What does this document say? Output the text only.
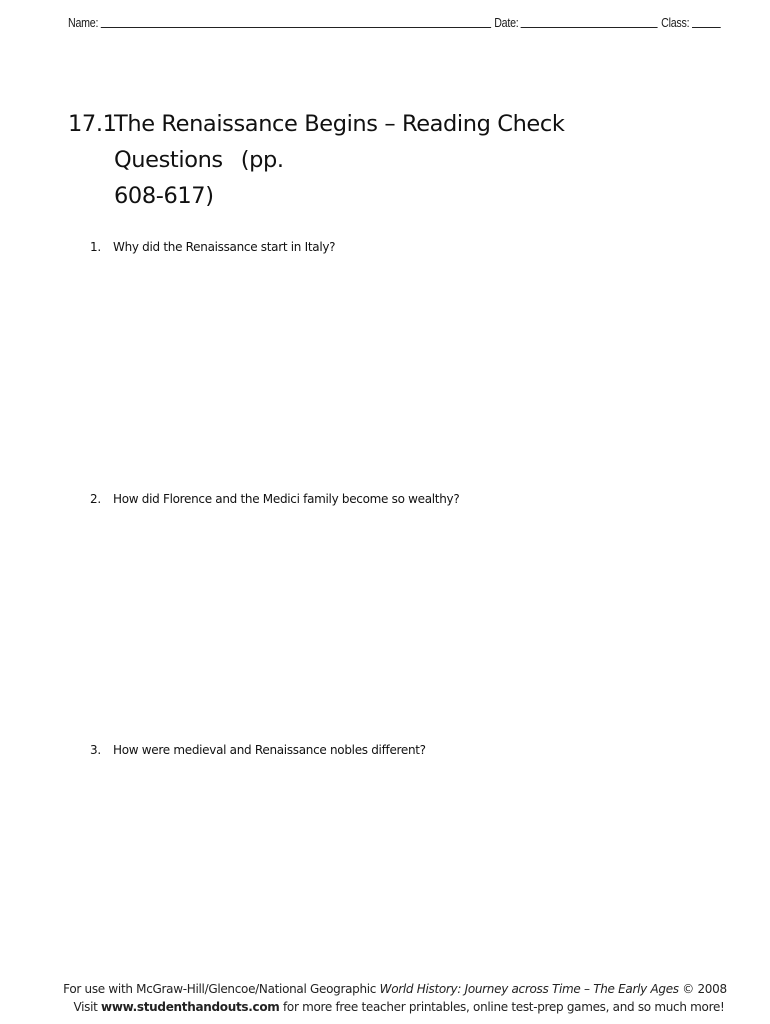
Name:	Date:	Class:
17.1
The Renaissance Begins – Reading Check Questions (pp.
608-617)
1.	Why did the Renaissance start in Italy?
2.	How did Florence and the Medici family become so wealthy?
3.	How were medieval and Renaissance nobles different?
For use with McGraw-Hill/Glencoe/National Geographic World History: Journey across Time – The Early Ages © 2008
Visit www.studenthandouts.com for more free teacher printables, online test-prep games, and so much more!
